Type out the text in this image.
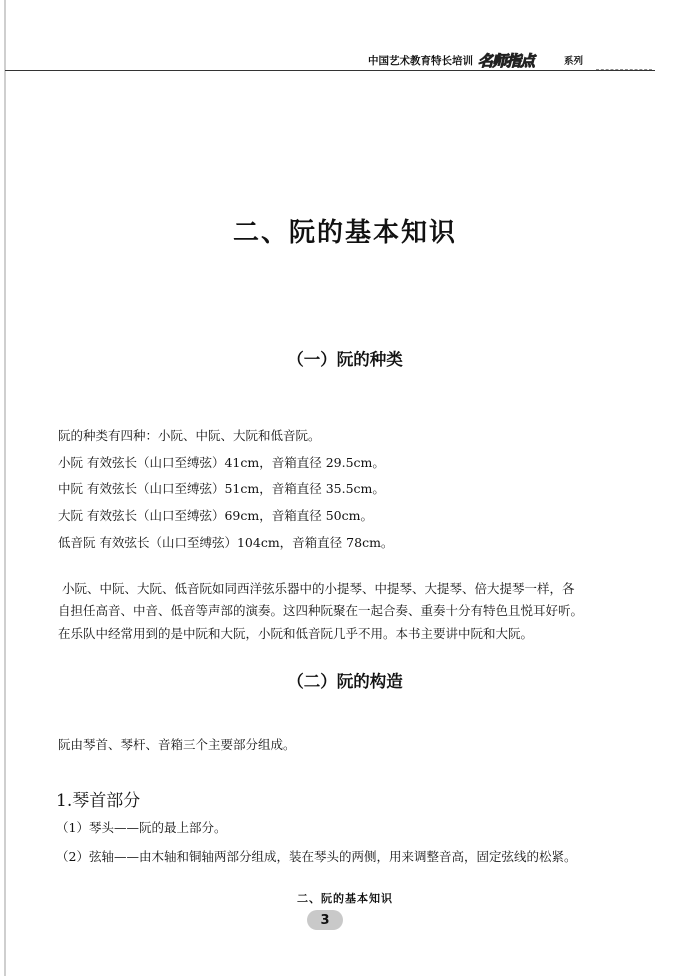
中国艺术教育特长培训 名师指点	系列
二、阮的基本知识
（一）阮的种类

阮的种类有四种：小阮、中阮、大阮和低音阮。

小阮 有效弦长（山口至缚弦）41cm，音箱直径 29.5cm。

中阮 有效弦长（山口至缚弦）51cm，音箱直径 35.5cm。

大阮 有效弦长（山口至缚弦）69cm，音箱直径 50cm。

低音阮 有效弦长（山口至缚弦）104cm，音箱直径 78cm。

小阮、中阮、大阮、低音阮如同西洋弦乐器中的小提琴、中提琴、大提琴、倍大提琴一样，各

自担任高音、中音、低音等声部的演奏。这四种阮聚在一起合奏、重奏十分有特色且悦耳好听。

在乐队中经常用到的是中阮和大阮，小阮和低音阮几乎不用。本书主要讲中阮和大阮。

（二）阮的构造

阮由琴首、琴杆、音箱三个主要部分组成。

1.琴首部分

（1）琴头——阮的最上部分。

（2）弦轴——由木轴和铜轴两部分组成，装在琴头的两侧，用来调整音高，固定弦线的松紧。

二、阮的基本知识
3
